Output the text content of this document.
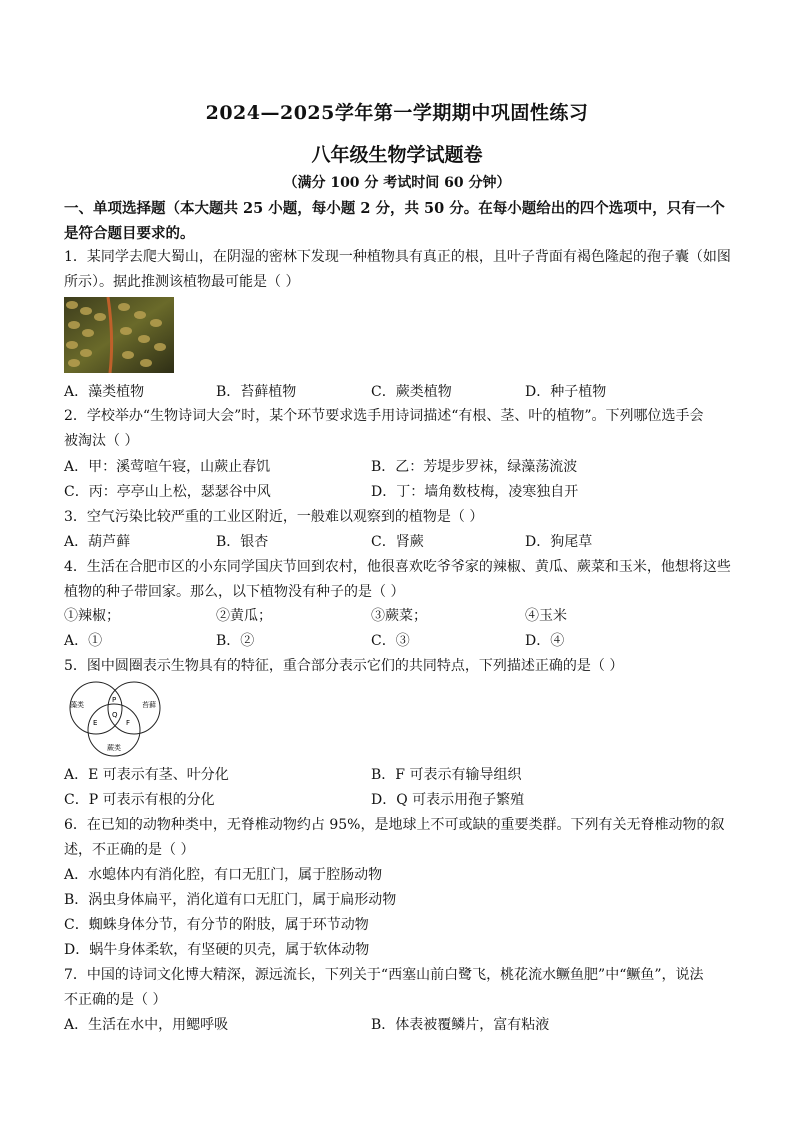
2024—2025学年第一学期期中巩固性练习
八年级生物学试题卷
（满分 100 分 考试时间 60 分钟）
一、单项选择题（本大题共 25 小题，每小题 2 分，共 50 分。在每小题给出的四个选项中，只有一个是符合题目要求的。
1．某同学去爬大蜀山，在阴湿的密林下发现一种植物具有真正的根，且叶子背面有褐色隆起的孢子囊（如图
所示）。据此推测该植物最可能是（ ）
A．藻类植物	B．苔藓植物	C．蕨类植物	D．种子植物
2．学校举办“生物诗词大会”时，某个环节要求选手用诗词描述“有根、茎、叶的植物”。下列哪位选手会
被淘汰（ ）
A．甲：溪莺喧午寝，山蕨止春饥	B．乙：芳堤步罗袜，绿藻荡流波
C．丙：亭亭山上松，瑟瑟谷中风	D．丁：墙角数枝梅，凌寒独自开
3．空气污染比较严重的工业区附近，一般难以观察到的植物是（ ）
A．葫芦藓	B．银杏	C．肾蕨	D．狗尾草
4．生活在合肥市区的小东同学国庆节回到农村，他很喜欢吃爷爷家的辣椒、黄瓜、蕨菜和玉米，他想将这些
植物的种子带回家。那么，以下植物没有种子的是（ ）
①辣椒；	②黄瓜；	③蕨菜；	④玉米
A．①	B．②	C．③	D．④
5．图中圆圈表示生物具有的特征，重合部分表示它们的共同特点，下列描述正确的是（ ）
藻类	苔藓
蕨类
P
Q
E	F
A．E 可表示有茎、叶分化	B．F 可表示有输导组织
C．P 可表示有根的分化	D．Q 可表示用孢子繁殖
6．在已知的动物种类中，无脊椎动物约占 95%，是地球上不可或缺的重要类群。下列有关无脊椎动物的叙
述，不正确的是（ ）
A．水螅体内有消化腔，有口无肛门，属于腔肠动物
B．涡虫身体扁平，消化道有口无肛门，属于扁形动物
C．蜘蛛身体分节，有分节的附肢，属于环节动物
D．蜗牛身体柔软，有坚硬的贝壳，属于软体动物
7．中国的诗词文化博大精深，源远流长，下列关于“西塞山前白鹭飞，桃花流水鳜鱼肥”中“鳜鱼”，说法
不正确的是（ ）
A．生活在水中，用鳃呼吸	B．体表被覆鳞片，富有粘液
